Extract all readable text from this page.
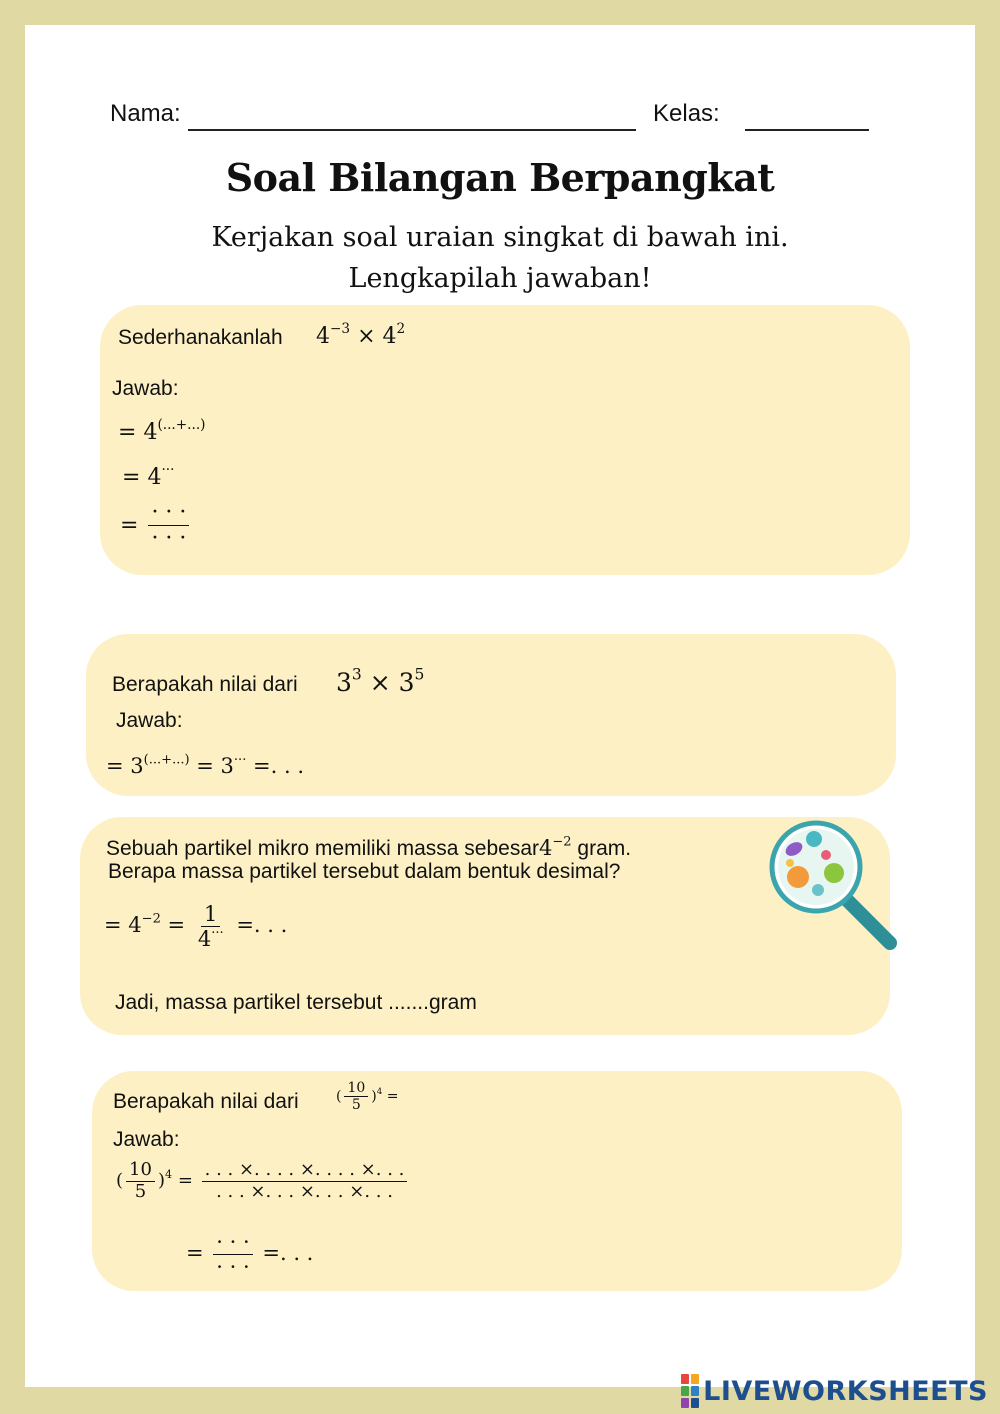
Nama:	Kelas:
Soal Bilangan Berpangkat
Kerjakan soal uraian singkat di bawah ini.
Lengkapilah jawaban!
Sederhanakanlah $4^{-3} \times 4^2$
Jawab:
= 4(...+...)
= 4···
= $\frac{\cdot \cdot \cdot}{\cdot \cdot \cdot}$
Berapakah nilai dari $3^3 \times 3^5$
Jawab:
= 3(...+...) = 3··· =. . .
Sebuah partikel mikro memiliki massa $sebesar4^{-2}$ gram.
Berapa massa partikel tersebut dalam bentuk desimal?
= $4^{-2} = \frac{1}{4^{\cdot\cdot\cdot}}$ =. . .
Jadi, massa partikel tersebut .......gram
Berapakah nilai dari	( $\frac{10}{5} )^4$ =
Jawab:
( $\frac{10}{5} )^4 = \frac{. . . \times. . . . \times. . . . \times. . .}{. . . \times. . . \times. . . \times. . .}$
= $\frac{\cdot \cdot \cdot}{\cdot \cdot \cdot}$ =. . .
LIVEWORKSHEETS
